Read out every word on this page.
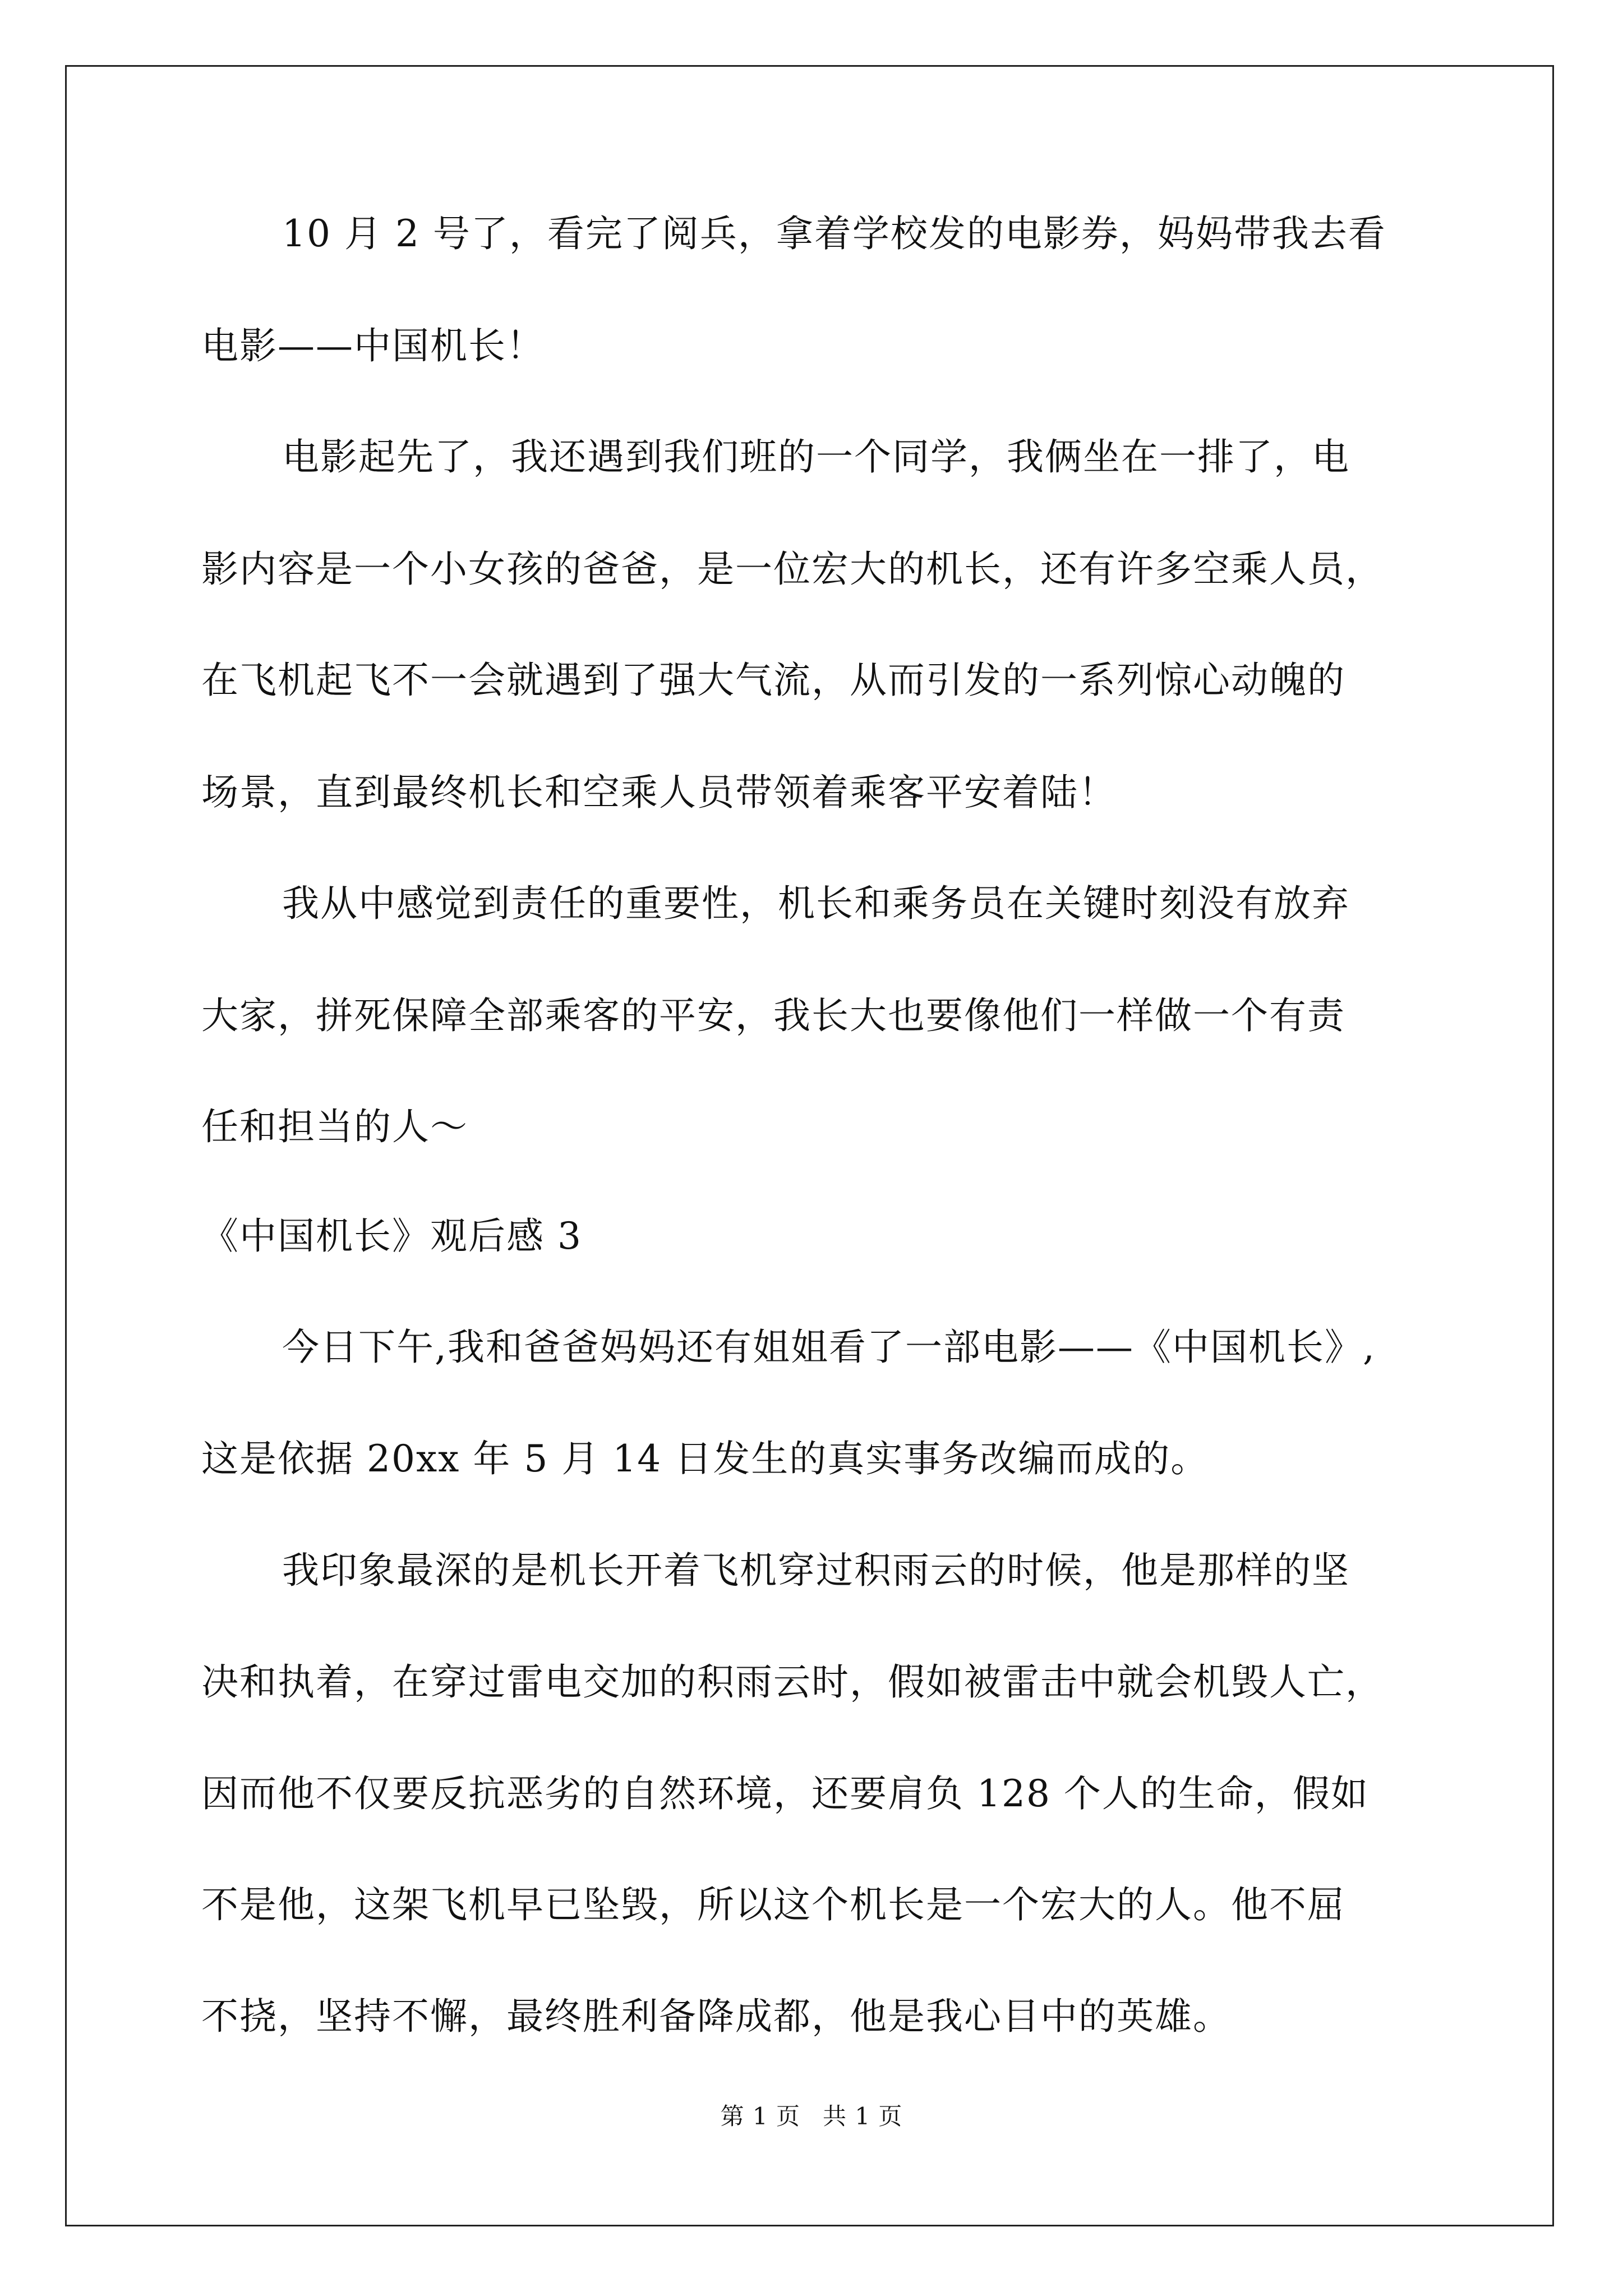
10 月 2 号了，看完了阅兵，拿着学校发的电影券，妈妈带我去看
电影——中国机长！
电影起先了，我还遇到我们班的一个同学，我俩坐在一排了，电
影内容是一个小女孩的爸爸，是一位宏大的机长，还有许多空乘人员，
在飞机起飞不一会就遇到了强大气流，从而引发的一系列惊心动魄的
场景，直到最终机长和空乘人员带领着乘客平安着陆！
我从中感觉到责任的重要性，机长和乘务员在关键时刻没有放弃
大家，拼死保障全部乘客的平安，我长大也要像他们一样做一个有责
任和担当的人～
《中国机长》观后感 3
今日下午,我和爸爸妈妈还有姐姐看了一部电影——《中国机长》,
这是依据 20xx 年 5 月 14 日发生的真实事务改编而成的。
我印象最深的是机长开着飞机穿过积雨云的时候，他是那样的坚
决和执着，在穿过雷电交加的积雨云时，假如被雷击中就会机毁人亡，
因而他不仅要反抗恶劣的自然环境，还要肩负 128 个人的生命，假如
不是他，这架飞机早已坠毁，所以这个机长是一个宏大的人。他不屈
不挠，坚持不懈，最终胜利备降成都，他是我心目中的英雄。
第 1 页 共 1 页
